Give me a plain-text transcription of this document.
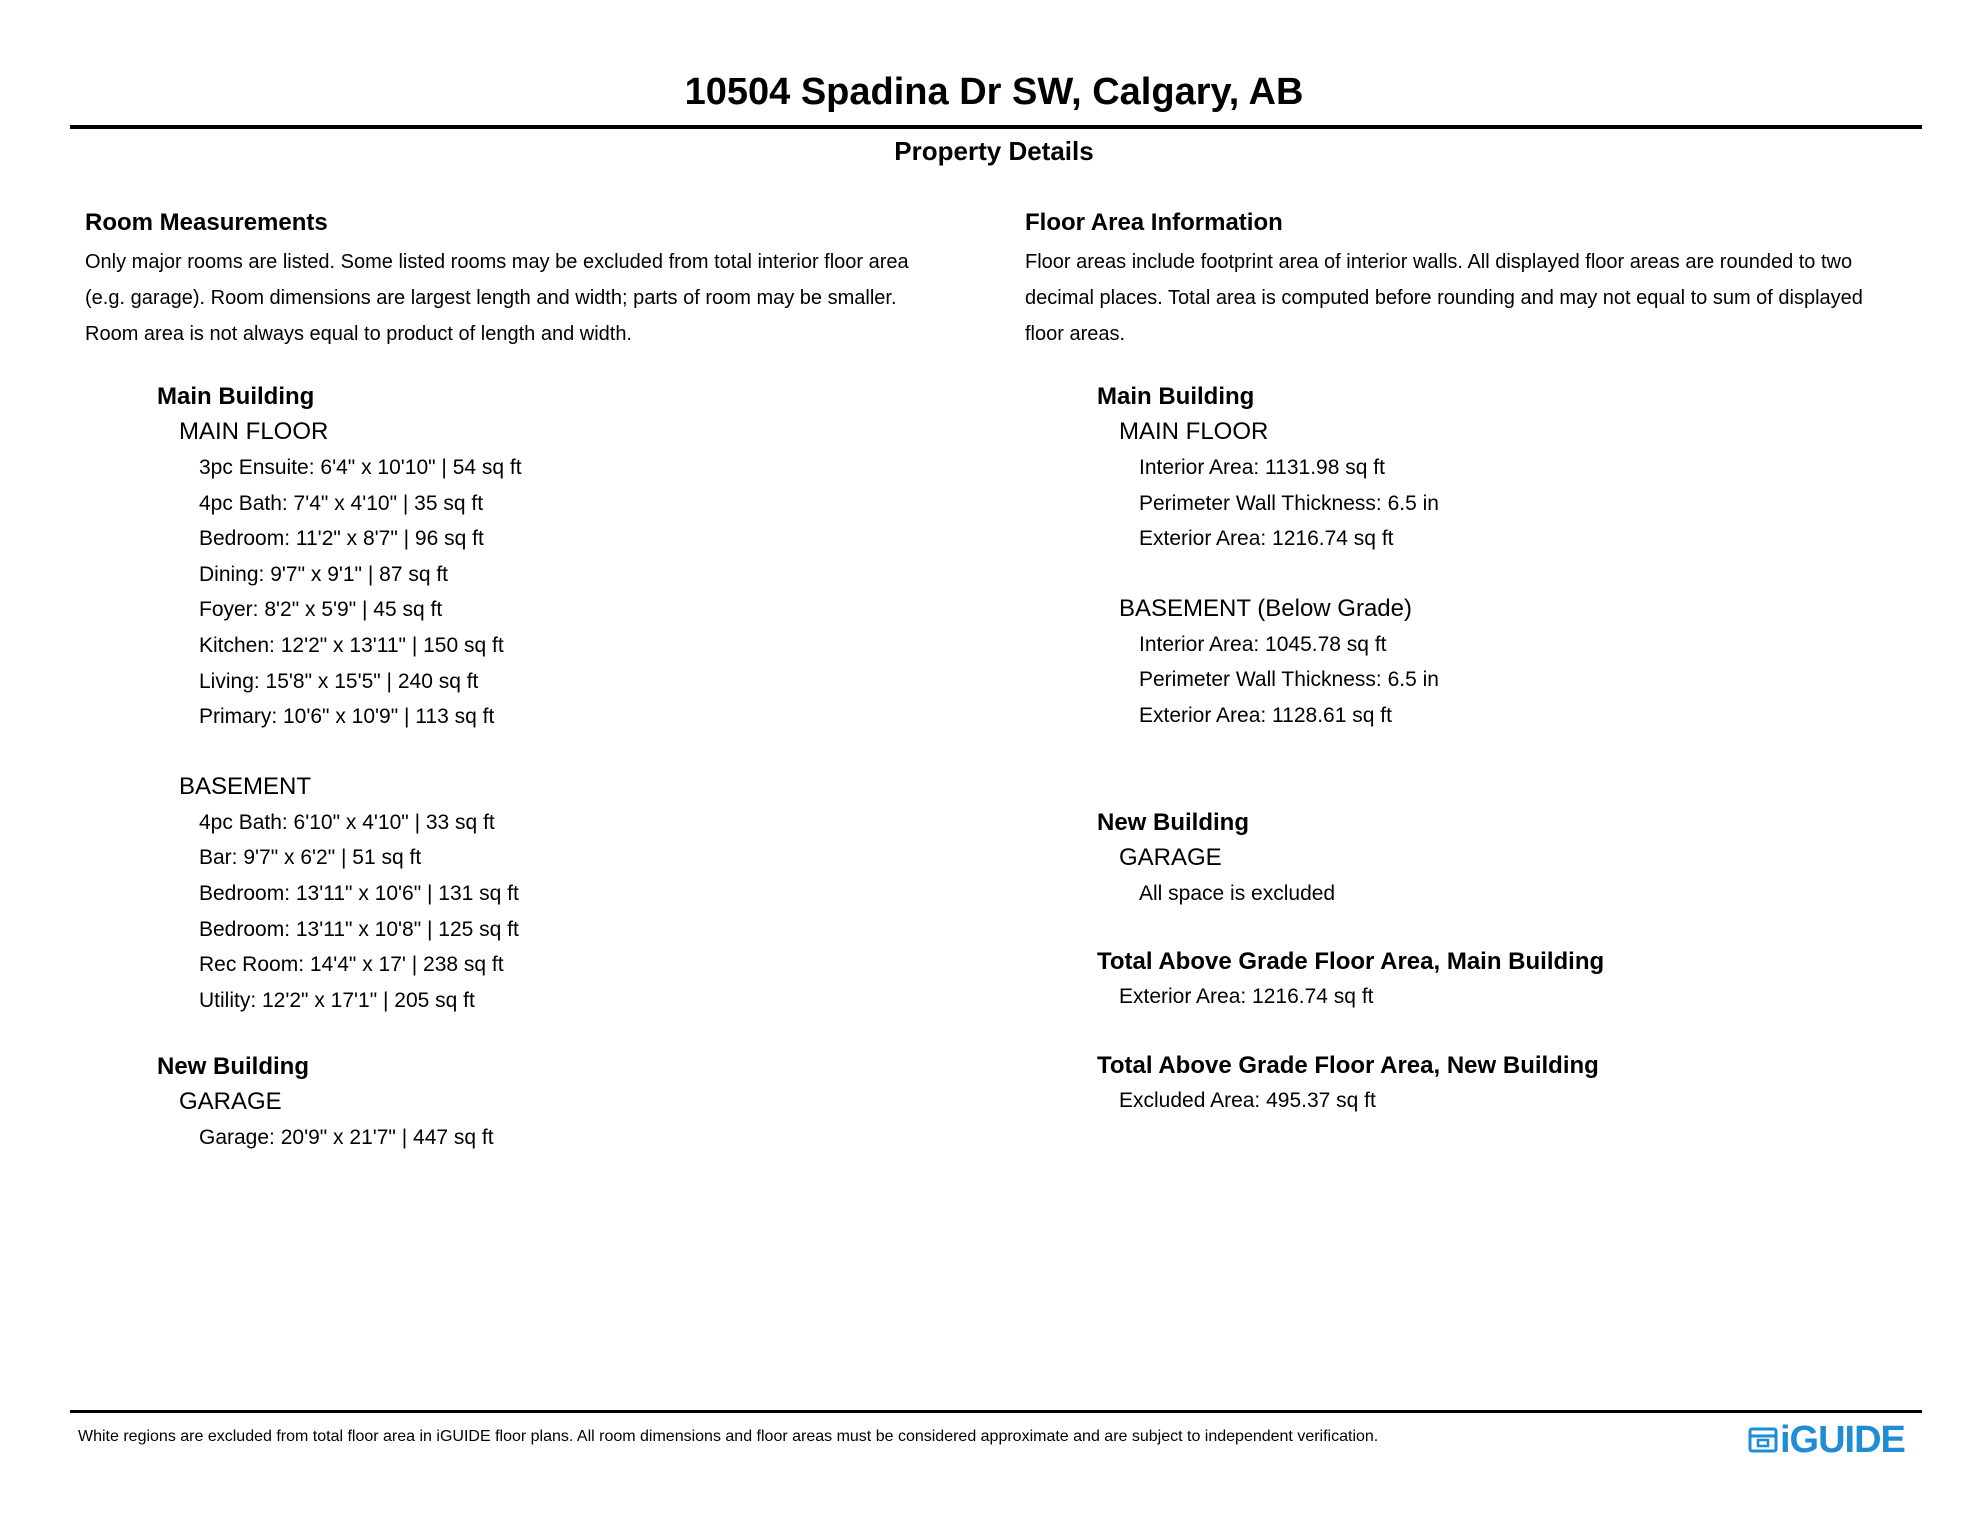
10504 Spadina Dr SW, Calgary, AB
Property Details
Room Measurements
Only major rooms are listed. Some listed rooms may be excluded from total interior floor area
(e.g. garage). Room dimensions are largest length and width; parts of room may be smaller.
Room area is not always equal to product of length and width.
Main Building
MAIN FLOOR
3pc Ensuite: 6'4" x 10'10" | 54 sq ft
4pc Bath: 7'4" x 4'10" | 35 sq ft
Bedroom: 11'2" x 8'7" | 96 sq ft
Dining: 9'7" x 9'1" | 87 sq ft
Foyer: 8'2" x 5'9" | 45 sq ft
Kitchen: 12'2" x 13'11" | 150 sq ft
Living: 15'8" x 15'5" | 240 sq ft
Primary: 10'6" x 10'9" | 113 sq ft
BASEMENT
4pc Bath: 6'10" x 4'10" | 33 sq ft
Bar: 9'7" x 6'2" | 51 sq ft
Bedroom: 13'11" x 10'6" | 131 sq ft
Bedroom: 13'11" x 10'8" | 125 sq ft
Rec Room: 14'4" x 17' | 238 sq ft
Utility: 12'2" x 17'1" | 205 sq ft
New Building
GARAGE
Garage: 20'9" x 21'7" | 447 sq ft
Floor Area Information
Floor areas include footprint area of interior walls. All displayed floor areas are rounded to two
decimal places. Total area is computed before rounding and may not equal to sum of displayed
floor areas.
Main Building
MAIN FLOOR
Interior Area: 1131.98 sq ft
Perimeter Wall Thickness: 6.5 in
Exterior Area: 1216.74 sq ft
BASEMENT (Below Grade)
Interior Area: 1045.78 sq ft
Perimeter Wall Thickness: 6.5 in
Exterior Area: 1128.61 sq ft
New Building
GARAGE
All space is excluded
Total Above Grade Floor Area, Main Building
Exterior Area: 1216.74 sq ft
Total Above Grade Floor Area, New Building
Excluded Area: 495.37 sq ft
White regions are excluded from total floor area in iGUIDE floor plans. All room dimensions and floor areas must be considered approximate and are subject to independent verification.	iGUIDE
